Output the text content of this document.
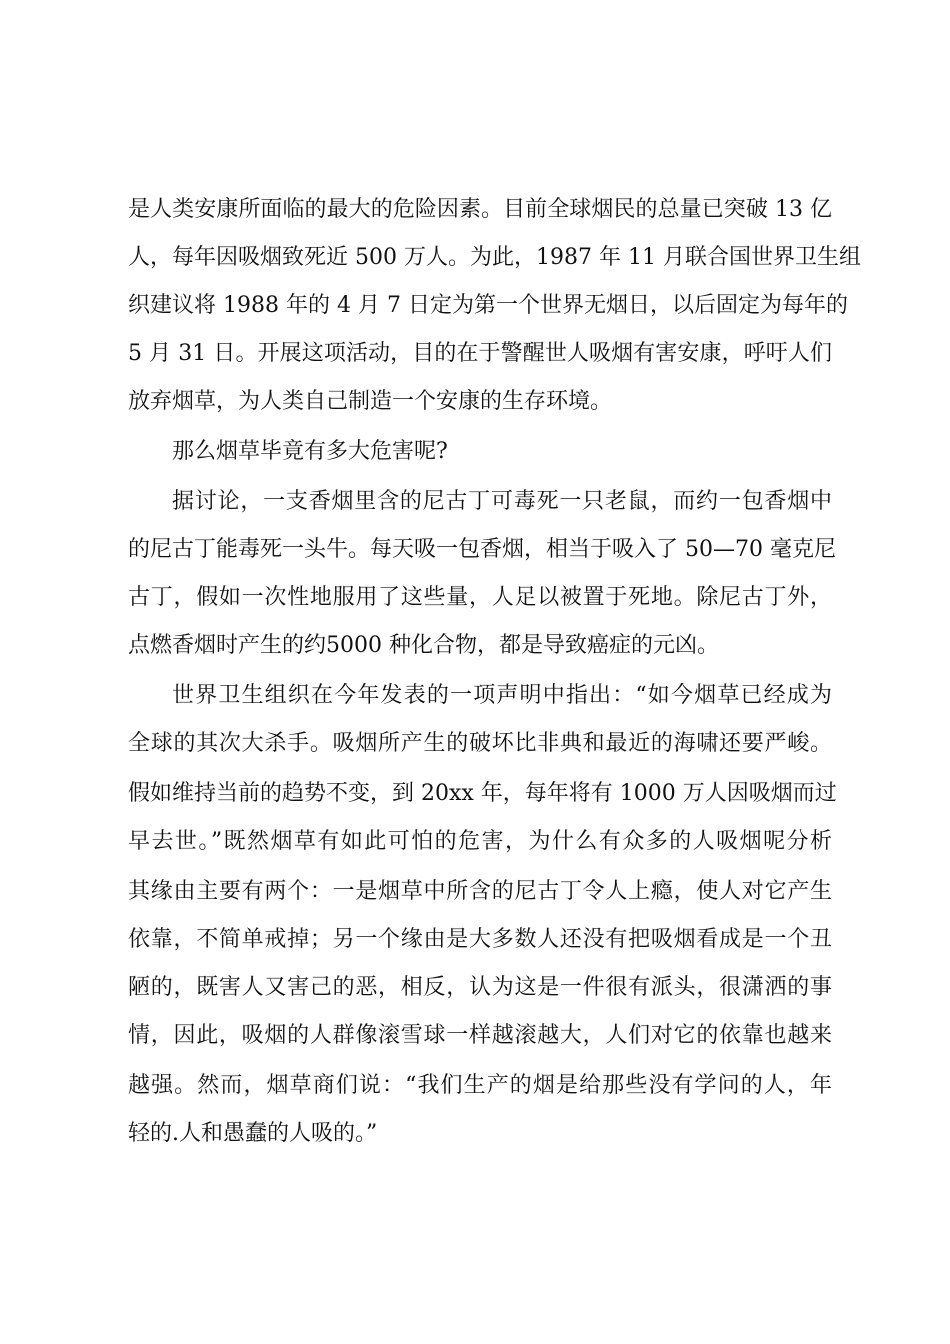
是人类安康所面临的最大的危险因素。目前全球烟民的总量已突破 13 亿
人，每年因吸烟致死近 500 万人。为此，1987 年 11 月联合国世界卫生组
织建议将 1988 年的 4 月 7 日定为第一个世界无烟日，以后固定为每年的
5 月 31 日。开展这项活动，目的在于警醒世人吸烟有害安康，呼吁人们
放弃烟草，为人类自己制造一个安康的生存环境。
那么烟草毕竟有多大危害呢?
据讨论，一支香烟里含的尼古丁可毒死一只老鼠，而约一包香烟中
的尼古丁能毒死一头牛。每天吸一包香烟，相当于吸入了 50—70 毫克尼
古丁，假如一次性地服用了这些量，人足以被置于死地。除尼古丁外，
点燃香烟时产生的约5000 种化合物，都是导致癌症的元凶。
世界卫生组织在今年发表的一项声明中指出：“如今烟草已经成为
全球的其次大杀手。吸烟所产生的破坏比非典和最近的海啸还要严峻。
假如维持当前的趋势不变，到 20xx 年，每年将有 1000 万人因吸烟而过
早去世。”既然烟草有如此可怕的危害，为什么有众多的人吸烟呢分析
其缘由主要有两个：一是烟草中所含的尼古丁令人上瘾，使人对它产生
依靠，不简单戒掉；另一个缘由是大多数人还没有把吸烟看成是一个丑
陋的，既害人又害己的恶，相反，认为这是一件很有派头，很潇洒的事
情，因此，吸烟的人群像滚雪球一样越滚越大，人们对它的依靠也越来
越强。然而，烟草商们说：“我们生产的烟是给那些没有学问的人，年
轻的.人和愚蠢的人吸的。”
